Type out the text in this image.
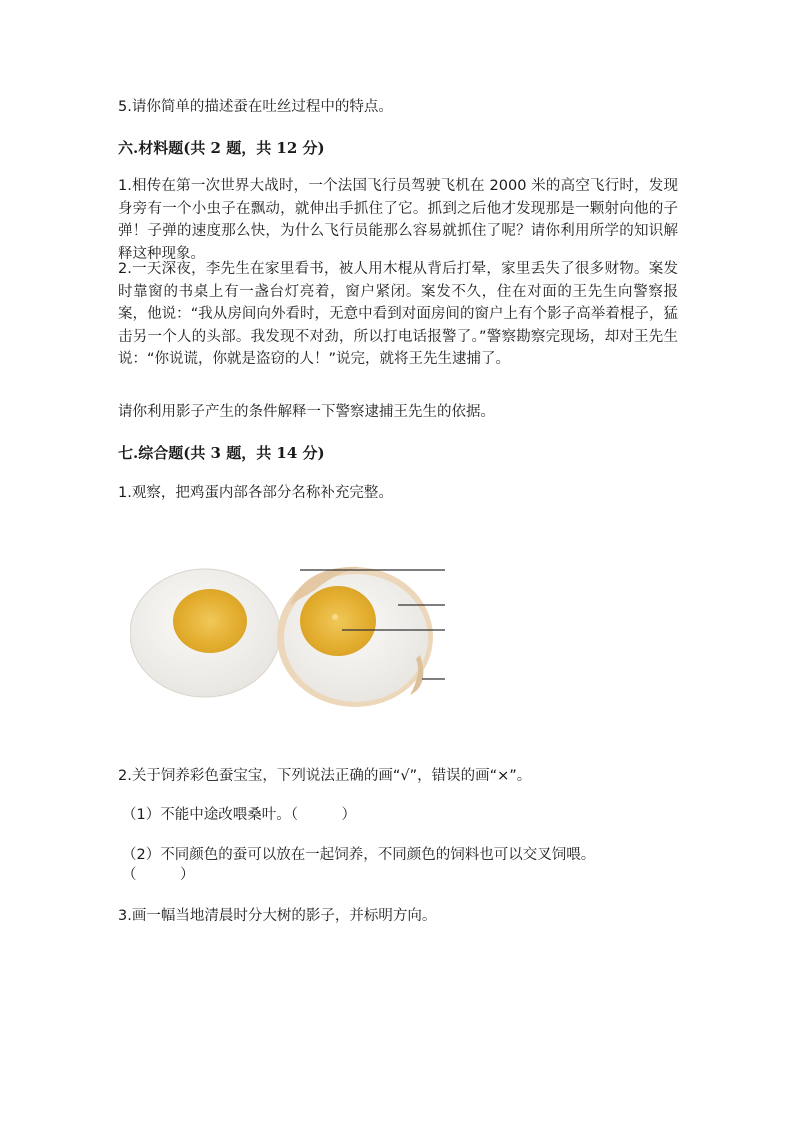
5.请你简单的描述蚕在吐丝过程中的特点。
六.材料题(共 2 题，共 12 分)
1.相传在第一次世界大战时，一个法国飞行员驾驶飞机在 2000 米的高空飞行时，发现身旁有一个小虫子在飘动，就伸出手抓住了它。抓到之后他才发现那是一颗射向他的子弹！子弹的速度那么快，为什么飞行员能那么容易就抓住了呢？请你利用所学的知识解释这种现象。
2.一天深夜，李先生在家里看书，被人用木棍从背后打晕，家里丢失了很多财物。案发时靠窗的书桌上有一盏台灯亮着，窗户紧闭。案发不久，住在对面的王先生向警察报案，他说：“我从房间向外看时，无意中看到对面房间的窗户上有个影子高举着棍子，猛击另一个人的头部。我发现不对劲，所以打电话报警了。”警察勘察完现场，却对王先生说：“你说谎，你就是盗窃的人！”说完，就将王先生逮捕了。
请你利用影子产生的条件解释一下警察逮捕王先生的依据。
七.综合题(共 3 题，共 14 分)
1.观察，把鸡蛋内部各部分名称补充完整。
2.关于饲养彩色蚕宝宝，下列说法正确的画“√”，错误的画“×”。
（1）不能中途改喂桑叶。（　　　）
（2）不同颜色的蚕可以放在一起饲养，不同颜色的饲料也可以交叉饲喂。
（　　　）
3.画一幅当地清晨时分大树的影子，并标明方向。
